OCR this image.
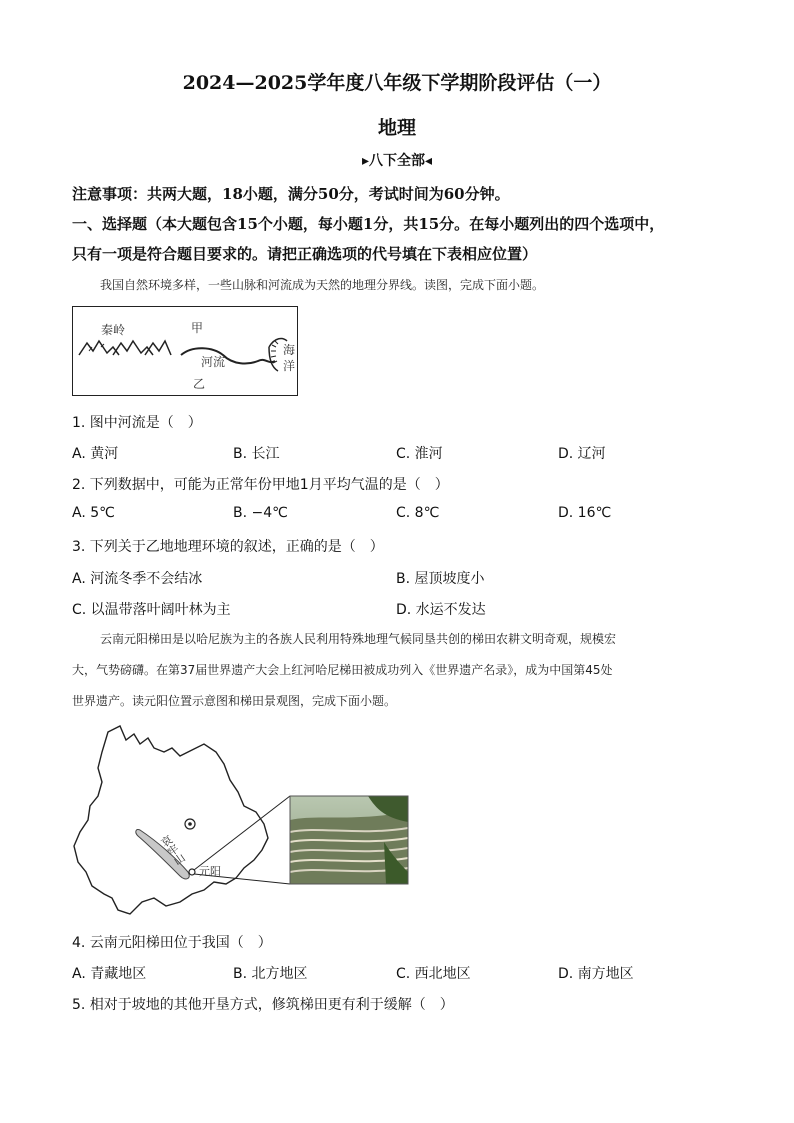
2024—2025学年度八年级下学期阶段评估（一）
地理
▸八下全部◂
注意事项：共两大题，18小题，满分50分，考试时间为60分钟。
一、选择题（本大题包含15个小题，每小题1分，共15分。在每小题列出的四个选项中，
只有一项是符合题目要求的。请把正确选项的代号填在下表相应位置）
我国自然环境多样，一些山脉和河流成为天然的地理分界线。读图，完成下面小题。
秦岭	甲
河流
乙
海
洋
1. 图中河流是（　）
A. 黄河	B. 长江	C. 淮河	D. 辽河
2. 下列数据中，可能为正常年份甲地1月平均气温的是（　）
A. 5℃	B. −4℃	C. 8℃	D. 16℃
3. 下列关于乙地地理环境的叙述，正确的是（　）
A. 河流冬季不会结冰	B. 屋顶坡度小
C. 以温带落叶阔叶林为主	D. 水运不发达
云南元阳梯田是以哈尼族为主的各族人民利用特殊地理气候同垦共创的梯田农耕文明奇观，规模宏
大，气势磅礴。在第37届世界遗产大会上红河哈尼梯田被成功列入《世界遗产名录》，成为中国第45处
世界遗产。读元阳位置示意图和梯田景观图，完成下面小题。
哀牢山
元阳
4. 云南元阳梯田位于我国（　）
A. 青藏地区	B. 北方地区	C. 西北地区	D. 南方地区
5. 相对于坡地的其他开垦方式，修筑梯田更有利于缓解（　）
